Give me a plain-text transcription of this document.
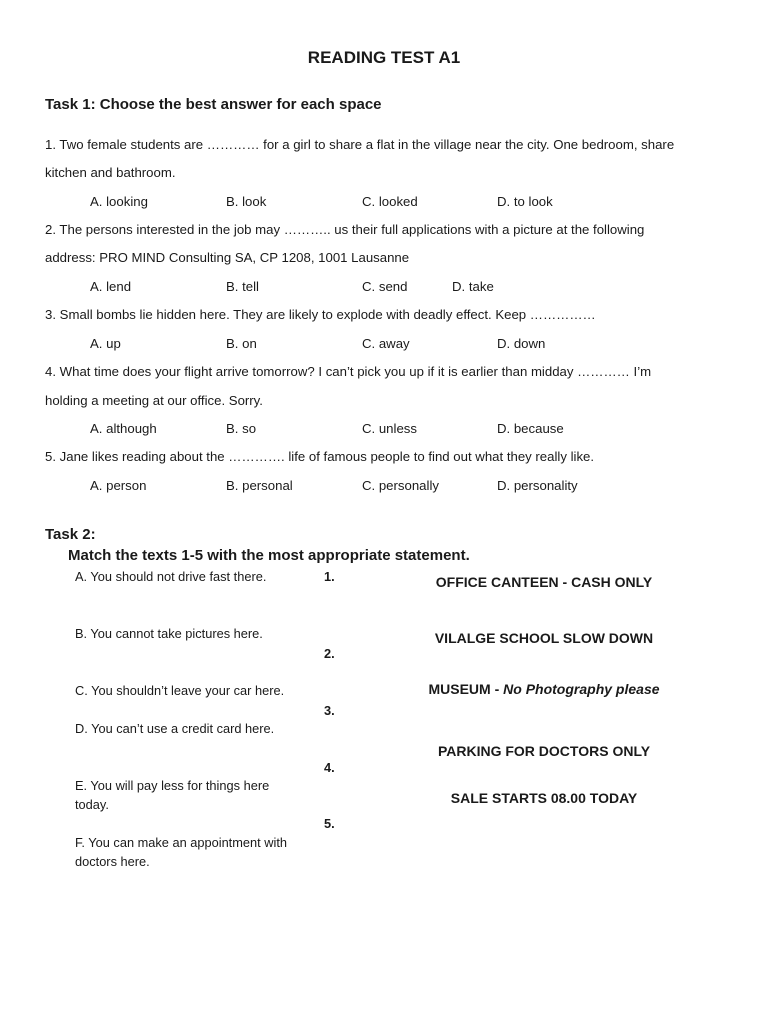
READING TEST A1
Task 1: Choose the best answer for each space
1. Two female students are ………… for a girl to share a flat in the village near the city. One bedroom, share
kitchen and bathroom.
A. looking	B. look	C. looked	D. to look
2. The persons interested in the job may ……….. us their full applications with a picture at the following
address: PRO MIND Consulting SA, CP 1208, 1001 Lausanne
A. lend	B. tell	C. send	D. take
3. Small bombs lie hidden here. They are likely to explode with deadly effect. Keep ……………
A. up	B. on	C. away	D. down
4. What time does your flight arrive tomorrow? I can’t pick you up if it is earlier than midday ………… I’m
holding a meeting at our office. Sorry.
A. although	B. so	C. unless	D. because
5. Jane likes reading about the …………. life of famous people to find out what they really like.
A. person	B. personal	C. personally	D. personality
Task 2:
Match the texts 1-5 with the most appropriate statement.
A. You should not drive fast there.
B. You cannot take pictures here.
C. You shouldn’t leave your car here.
D. You can’t use a credit card here.
E. You will pay less for things here
today.
F. You can make an appointment with
doctors here.
1.
2.
3.
4.
5.
OFFICE CANTEEN - CASH ONLY
VILALGE SCHOOL SLOW DOWN
MUSEUM - No Photography please
PARKING FOR DOCTORS ONLY
SALE STARTS 08.00 TODAY
